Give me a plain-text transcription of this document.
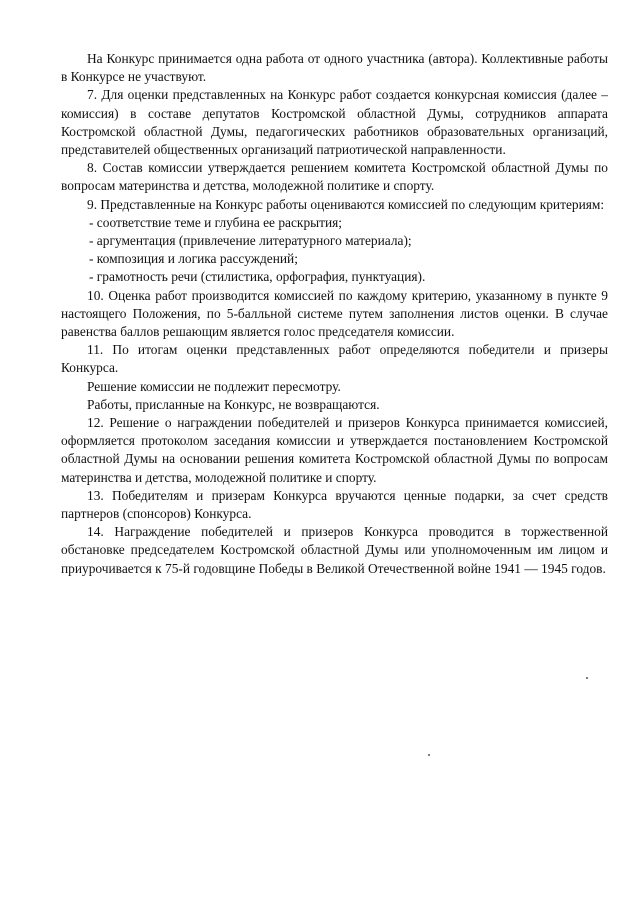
На Конкурс принимается одна работа от одного участника (автора). Коллективные работы в Конкурсе не участвуют.

7. Для оценки представленных на Конкурс работ создается конкурсная комиссия (далее – комиссия) в составе депутатов Костромской областной Думы, сотрудников аппарата Костромской областной Думы, педагогических работников образовательных организаций, представителей общественных организаций патриотической направленности.

8. Состав комиссии утверждается решением комитета Костромской областной Думы по вопросам материнства и детства, молодежной политике и спорту.

9. Представленные на Конкурс работы оцениваются комиссией по следующим критериям:

- соответствие теме и глубина ее раскрытия;

- аргументация (привлечение литературного материала);

- композиция и логика рассуждений;

- грамотность речи (стилистика, орфография, пунктуация).

10. Оценка работ производится комиссией по каждому критерию, указанному в пункте 9 настоящего Положения, по 5-балльной системе путем заполнения листов оценки. В случае равенства баллов решающим является голос председателя комиссии.

11. По итогам оценки представленных работ определяются победители и призеры Конкурса.

Решение комиссии не подлежит пересмотру.

Работы, присланные на Конкурс, не возвращаются.

12. Решение о награждении победителей и призеров Конкурса принимается комиссией, оформляется протоколом заседания комиссии и утверждается постановлением Костромской областной Думы на основании решения комитета Костромской областной Думы по вопросам материнства и детства, молодежной политике и спорту.

13. Победителям и призерам Конкурса вручаются ценные подарки, за счет средств партнеров (спонсоров) Конкурса.

14. Награждение победителей и призеров Конкурса проводится в торжественной обстановке председателем Костромской областной Думы или уполномоченным им лицом и приурочивается к 75-й годовщине Победы в Великой Отечественной войне 1941 — 1945 годов.
